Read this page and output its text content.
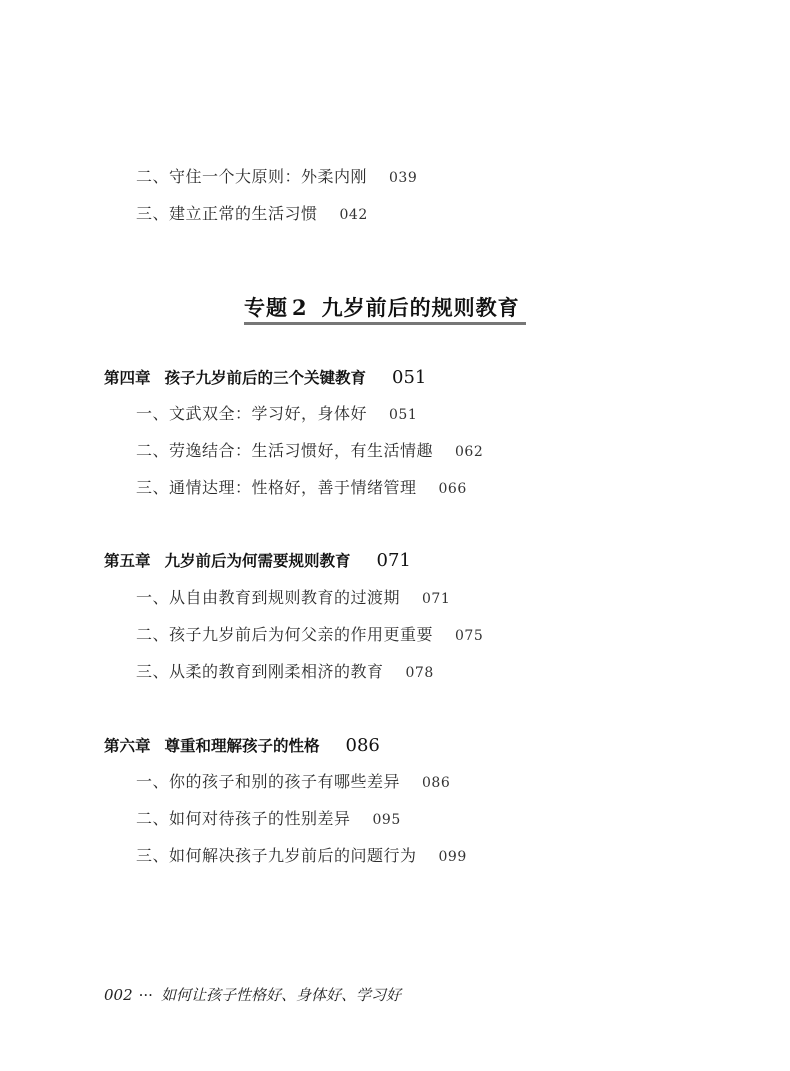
二、守住一个大原则：外柔内刚 039
三、建立正常的生活习惯 042
专题 2 九岁前后的规则教育
第四章 孩子九岁前后的三个关键教育 051
一、文武双全：学习好，身体好 051
二、劳逸结合：生活习惯好，有生活情趣 062
三、通情达理：性格好，善于情绪管理 066
第五章 九岁前后为何需要规则教育 071
一、从自由教育到规则教育的过渡期 071
二、孩子九岁前后为何父亲的作用更重要 075
三、从柔的教育到刚柔相济的教育 078
第六章 尊重和理解孩子的性格 086
一、你的孩子和别的孩子有哪些差异 086
二、如何对待孩子的性别差异 095
三、如何解决孩子九岁前后的问题行为 099
002 ··· 如何让孩子性格好、身体好、学习好
